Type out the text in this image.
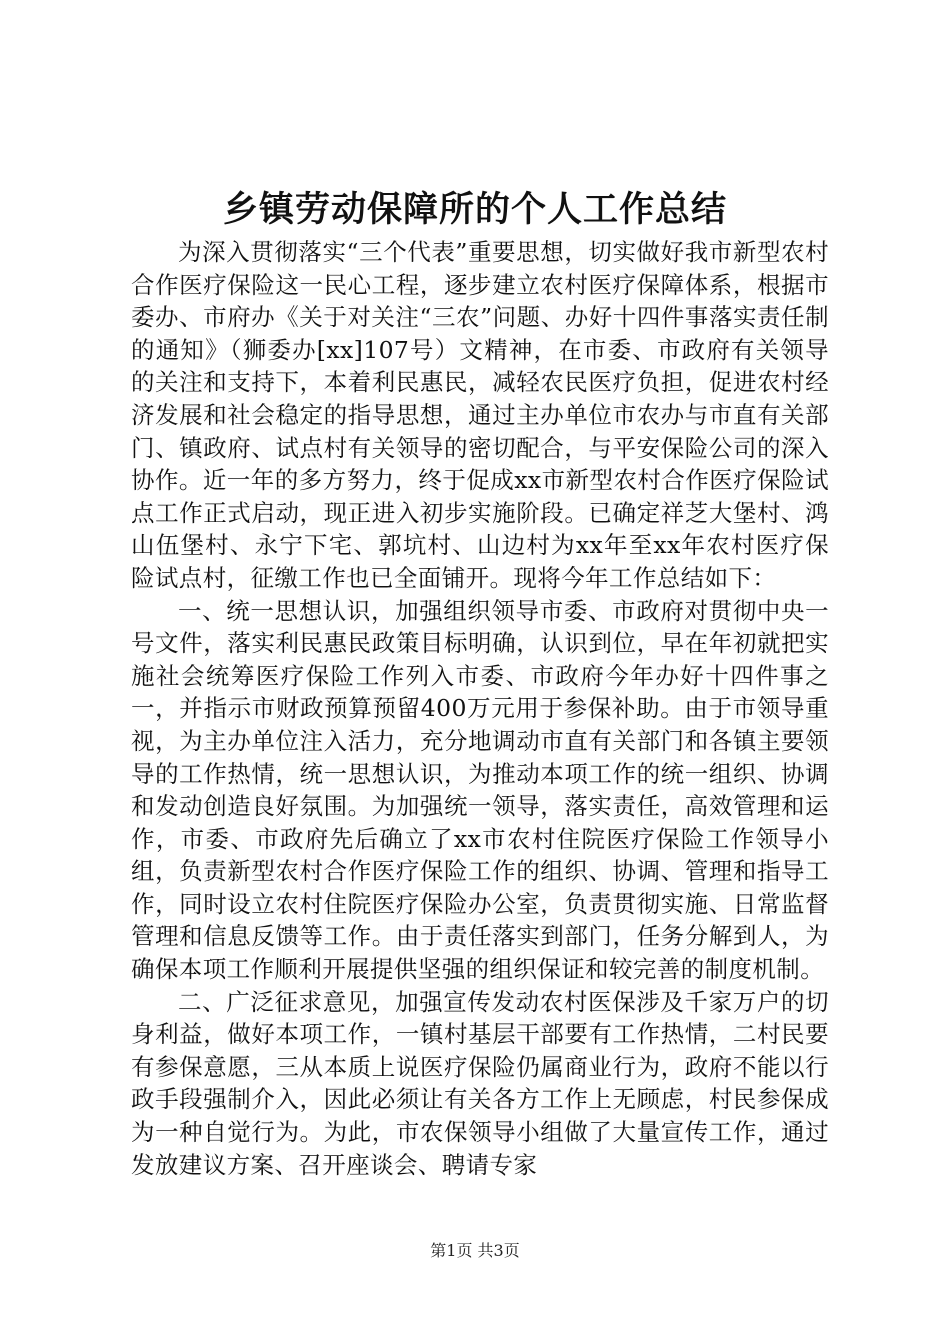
乡镇劳动保障所的个人工作总结

为深入贯彻落实“三个代表”重要思想，切实做好我市新型农村合作医疗保险这一民心工程，逐步建立农村医疗保障体系，根据市委办、市府办《关于对关注“三农”问题、办好十四件事落实责任制的通知》（狮委办[xx]107号）文精神，在市委、市政府有关领导的关注和支持下，本着利民惠民，减轻农民医疗负担，促进农村经济发展和社会稳定的指导思想，通过主办单位市农办与市直有关部门、镇政府、试点村有关领导的密切配合，与平安保险公司的深入协作。近一年的多方努力，终于促成xx市新型农村合作医疗保险试点工作正式启动，现正进入初步实施阶段。已确定祥芝大堡村、鸿山伍堡村、永宁下宅、郭坑村、山边村为xx年至xx年农村医疗保险试点村，征缴工作也已全面铺开。现将今年工作总结如下：

一、统一思想认识，加强组织领导市委、市政府对贯彻中央一号文件，落实利民惠民政策目标明确，认识到位，早在年初就把实施社会统筹医疗保险工作列入市委、市政府今年办好十四件事之一，并指示市财政预算预留400万元用于参保补助。由于市领导重视，为主办单位注入活力，充分地调动市直有关部门和各镇主要领导的工作热情，统一思想认识，为推动本项工作的统一组织、协调和发动创造良好氛围。为加强统一领导，落实责任，高效管理和运作，市委、市政府先后确立了xx市农村住院医疗保险工作领导小组，负责新型农村合作医疗保险工作的组织、协调、管理和指导工作，同时设立农村住院医疗保险办公室，负责贯彻实施、日常监督管理和信息反馈等工作。由于责任落实到部门，任务分解到人，为确保本项工作顺利开展提供坚强的组织保证和较完善的制度机制。

二、广泛征求意见，加强宣传发动农村医保涉及千家万户的切身利益，做好本项工作，一镇村基层干部要有工作热情，二村民要有参保意愿，三从本质上说医疗保险仍属商业行为，政府不能以行政手段强制介入，因此必须让有关各方工作上无顾虑，村民参保成为一种自觉行为。为此，市农保领导小组做了大量宣传工作，通过发放建议方案、召开座谈会、聘请专家

第1页 共3页
